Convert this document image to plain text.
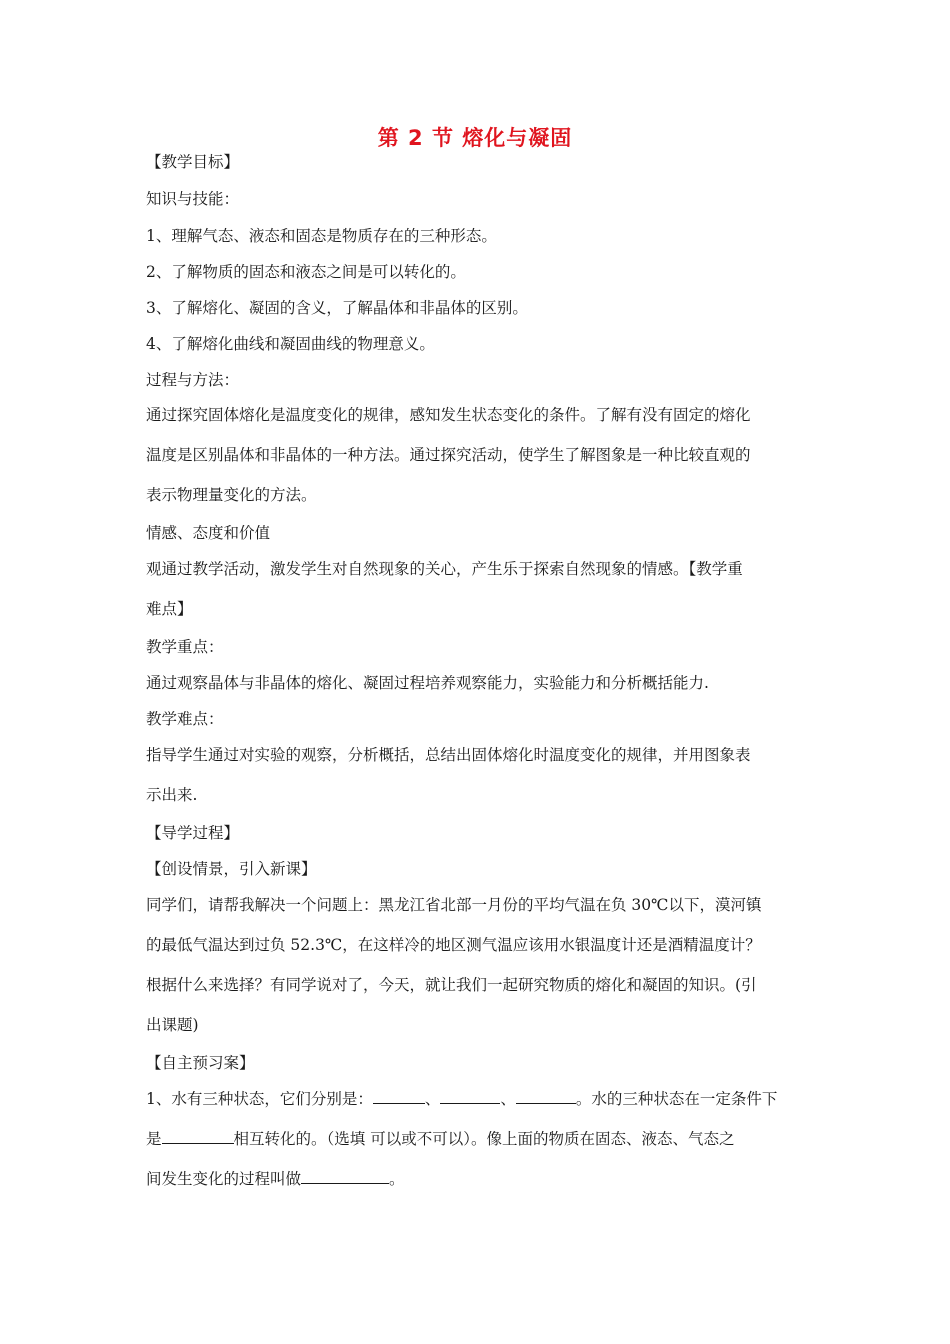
第 2 节 熔化与凝固
【教学目标】
知识与技能：
1、理解气态、液态和固态是物质存在的三种形态。
2、了解物质的固态和液态之间是可以转化的。
3、了解熔化、凝固的含义，了解晶体和非晶体的区别。
4、了解熔化曲线和凝固曲线的物理意义。
过程与方法：
通过探究固体熔化是温度变化的规律，感知发生状态变化的条件。了解有没有固定的熔化
温度是区别晶体和非晶体的一种方法。通过探究活动，使学生了解图象是一种比较直观的
表示物理量变化的方法。
情感、态度和价值
观通过教学活动，激发学生对自然现象的关心，产生乐于探索自然现象的情感。【教学重
难点】
教学重点：
通过观察晶体与非晶体的熔化、凝固过程培养观察能力，实验能力和分析概括能力.
教学难点：
指导学生通过对实验的观察，分析概括，总结出固体熔化时温度变化的规律，并用图象表
示出来.
【导学过程】
【创设情景，引入新课】
同学们，请帮我解决一个问题上：黑龙江省北部一月份的平均气温在负 30℃以下，漠河镇
的最低气温达到过负 52.3℃，在这样冷的地区测气温应该用水银温度计还是酒精温度计？
根据什么来选择？有同学说对了，今天，就让我们一起研究物质的熔化和凝固的知识。(引
出课题)
【自主预习案】
1、水有三种状态，它们分别是：	、	、	。水的三种状态在一定条件下
是	相互转化的。（选填 可以或不可以）。像上面的物质在固态、液态、气态之
间发生变化的过程叫做	。
